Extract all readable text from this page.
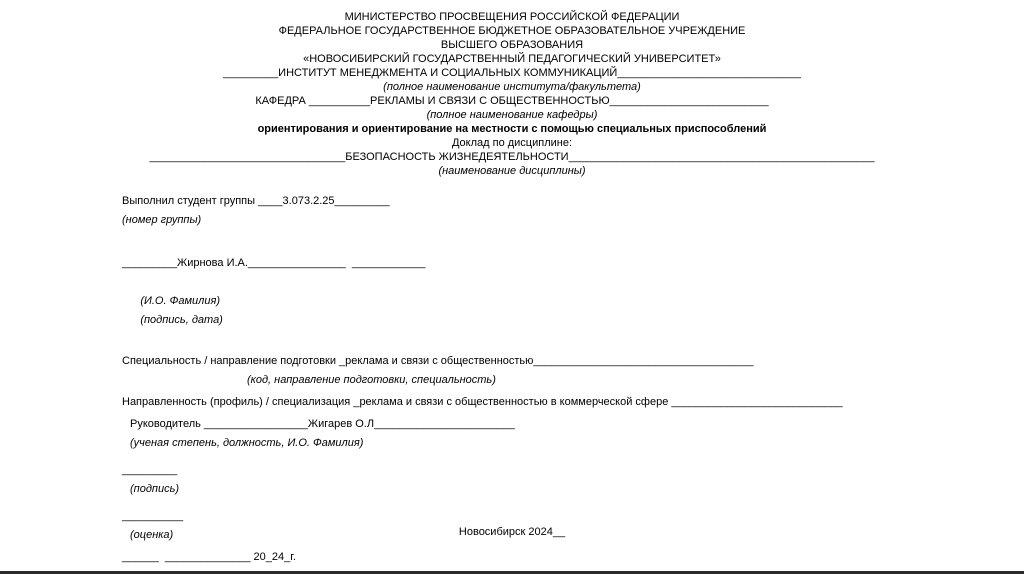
МИНИСТЕРСТВО ПРОСВЕЩЕНИЯ РОССИЙСКОЙ ФЕДЕРАЦИИ
ФЕДЕРАЛЬНОЕ ГОСУДАРСТВЕННОЕ БЮДЖЕТНОЕ ОБРАЗОВАТЕЛЬНОЕ УЧРЕЖДЕНИЕ
ВЫСШЕГО ОБРАЗОВАНИЯ
«НОВОСИБИРСКИЙ ГОСУДАРСТВЕННЫЙ ПЕДАГОГИЧЕСКИЙ УНИВЕРСИТЕТ»
_________ИНСТИТУТ МЕНЕДЖМЕНТА И СОЦИАЛЬНЫХ КОММУНИКАЦИЙ______________________________
(полное наименование института/факультета)
КАФЕДРА __________РЕКЛАМЫ И СВЯЗИ С ОБЩЕСТВЕННОСТЬЮ__________________________
(полное наименование кафедры)
ориентирования и ориентирование на местности с помощью специальных приспособлений
Доклад по дисциплине:
________________________________БЕЗОПАСНОСТЬ ЖИЗНЕДЕЯТЕЛЬНОСТИ__________________________________________________
(наименование дисциплины)
Выполнил студент группы ____3.073.2.25_________
(номер группы)
_________Жирнова И.А.________________  ____________

(И.О. Фамилия)
(подпись, дата)

Специальность / направление подготовки _реклама и связи с общественностью____________________________________
(код, направление подготовки, специальность)
Направленность (профиль) / специализация _реклама и связи с общественностью в коммерческой сфере ____________________________
Руководитель _________________Жигарев О.Л_______________________
(ученая степень, должность, И.О. Фамилия)
_________
(подпись)
__________
(оценка)
______  ______________ 20_24_г.
Новосибирск 2024__
